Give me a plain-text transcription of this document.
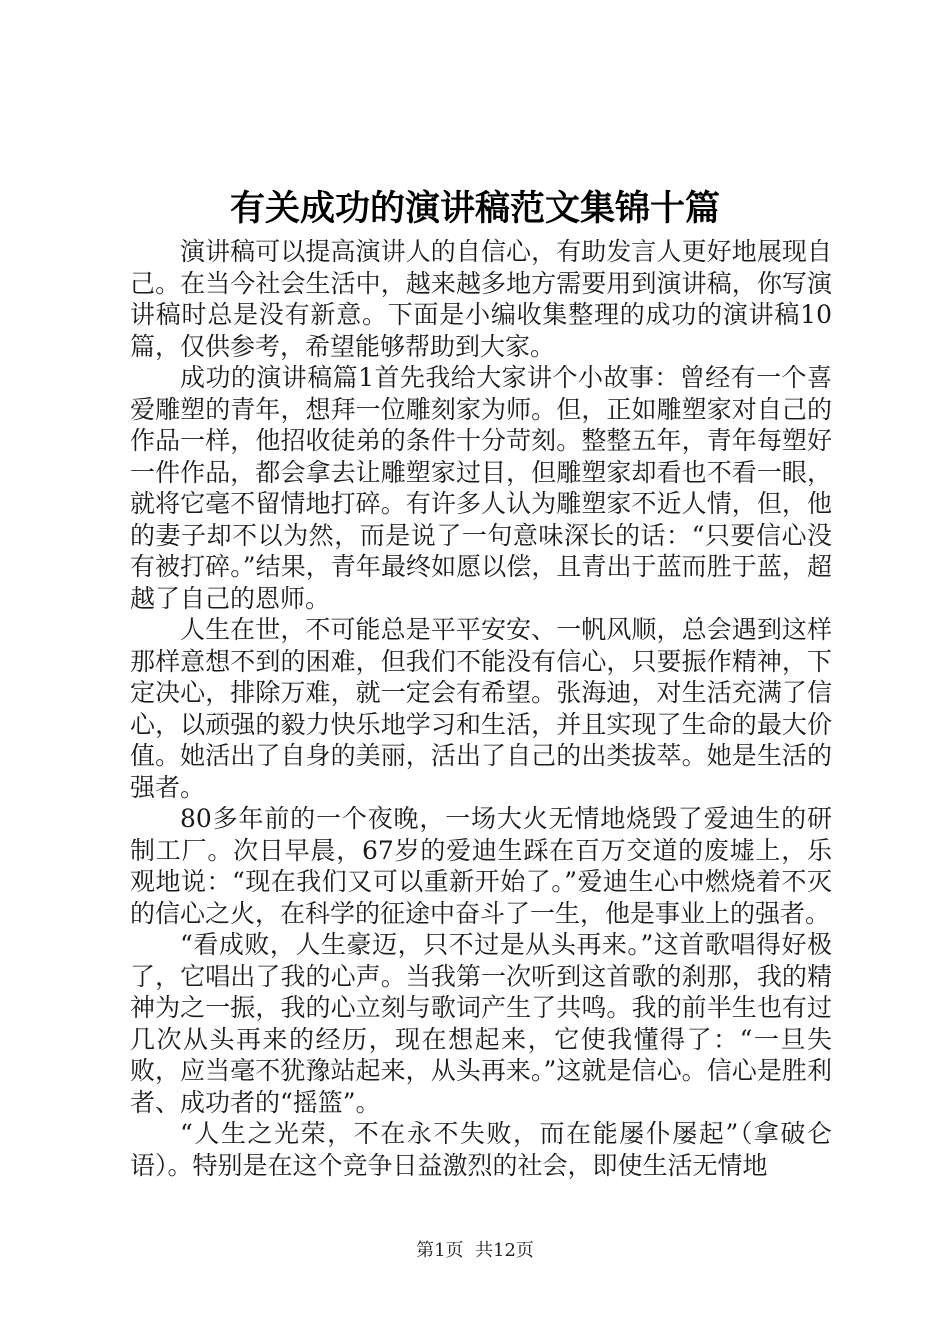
有关成功的演讲稿范文集锦十篇

演讲稿可以提高演讲人的自信心，有助发言人更好地展现自己。在当今社会生活中，越来越多地方需要用到演讲稿，你写演讲稿时总是没有新意。下面是小编收集整理的成功的演讲稿10篇，仅供参考，希望能够帮助到大家。

成功的演讲稿篇1首先我给大家讲个小故事：曾经有一个喜爱雕塑的青年，想拜一位雕刻家为师。但，正如雕塑家对自己的作品一样，他招收徒弟的条件十分苛刻。整整五年，青年每塑好一件作品，都会拿去让雕塑家过目，但雕塑家却看也不看一眼，就将它毫不留情地打碎。有许多人认为雕塑家不近人情，但，他的妻子却不以为然，而是说了一句意味深长的话：“只要信心没有被打碎。”结果，青年最终如愿以偿，且青出于蓝而胜于蓝，超越了自己的恩师。

人生在世，不可能总是平平安安、一帆风顺，总会遇到这样那样意想不到的困难，但我们不能没有信心，只要振作精神，下定决心，排除万难，就一定会有希望。张海迪，对生活充满了信心，以顽强的毅力快乐地学习和生活，并且实现了生命的最大价值。她活出了自身的美丽，活出了自己的出类拔萃。她是生活的强者。

80多年前的一个夜晚，一场大火无情地烧毁了爱迪生的研制工厂。次日早晨，67岁的爱迪生踩在百万交道的废墟上，乐观地说：“现在我们又可以重新开始了。”爱迪生心中燃烧着不灭的信心之火，在科学的征途中奋斗了一生，他是事业上的强者。

“看成败，人生豪迈，只不过是从头再来。”这首歌唱得好极了，它唱出了我的心声。当我第一次听到这首歌的刹那，我的精神为之一振，我的心立刻与歌词产生了共鸣。我的前半生也有过几次从头再来的经历，现在想起来，它使我懂得了：“一旦失败，应当毫不犹豫站起来，从头再来。”这就是信心。信心是胜利者、成功者的“摇篮”。

“人生之光荣，不在永不失败，而在能屡仆屡起”（拿破仑语）。特别是在这个竞争日益激烈的社会，即使生活无情地

第1页  共12页
